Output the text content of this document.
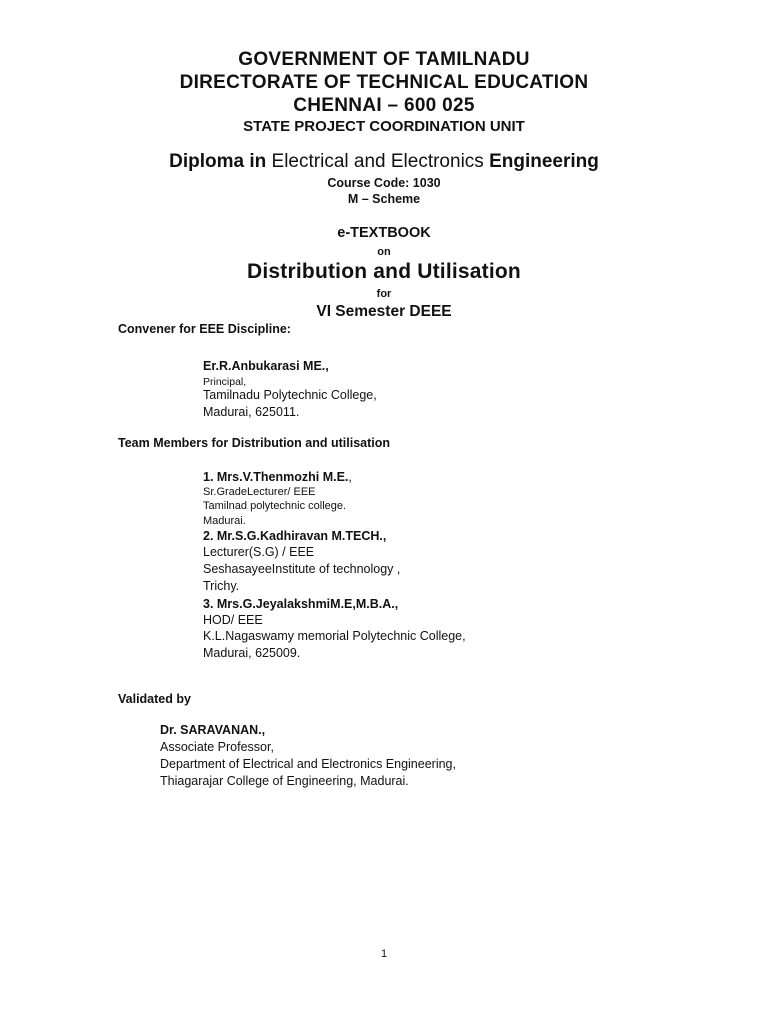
GOVERNMENT OF TAMILNADU
DIRECTORATE OF TECHNICAL EDUCATION
CHENNAI – 600 025
STATE PROJECT COORDINATION UNIT
Diploma in Electrical and Electronics Engineering
Course Code: 1030
M – Scheme
e-TEXTBOOK
on
Distribution and Utilisation
for
VI Semester DEEE
Convener for EEE Discipline:
Er.R.Anbukarasi ME.,
Principal,
Tamilnadu Polytechnic College,
Madurai, 625011.
Team Members for Distribution and utilisation
1. Mrs.V.Thenmozhi M.E.,
Sr.GradeLecturer/ EEE
Tamilnad polytechnic college.
Madurai.
2. Mr.S.G.Kadhiravan M.TECH.,
Lecturer(S.G) / EEE
SeshasayeeInstitute of technology ,
Trichy.
3. Mrs.G.JeyalakshmiM.E,M.B.A.,
HOD/ EEE
K.L.Nagaswamy memorial Polytechnic College,
Madurai, 625009.
Validated by
Dr. SARAVANAN.,
Associate Professor,
Department of Electrical and Electronics Engineering,
Thiagarajar College of Engineering, Madurai.
1
